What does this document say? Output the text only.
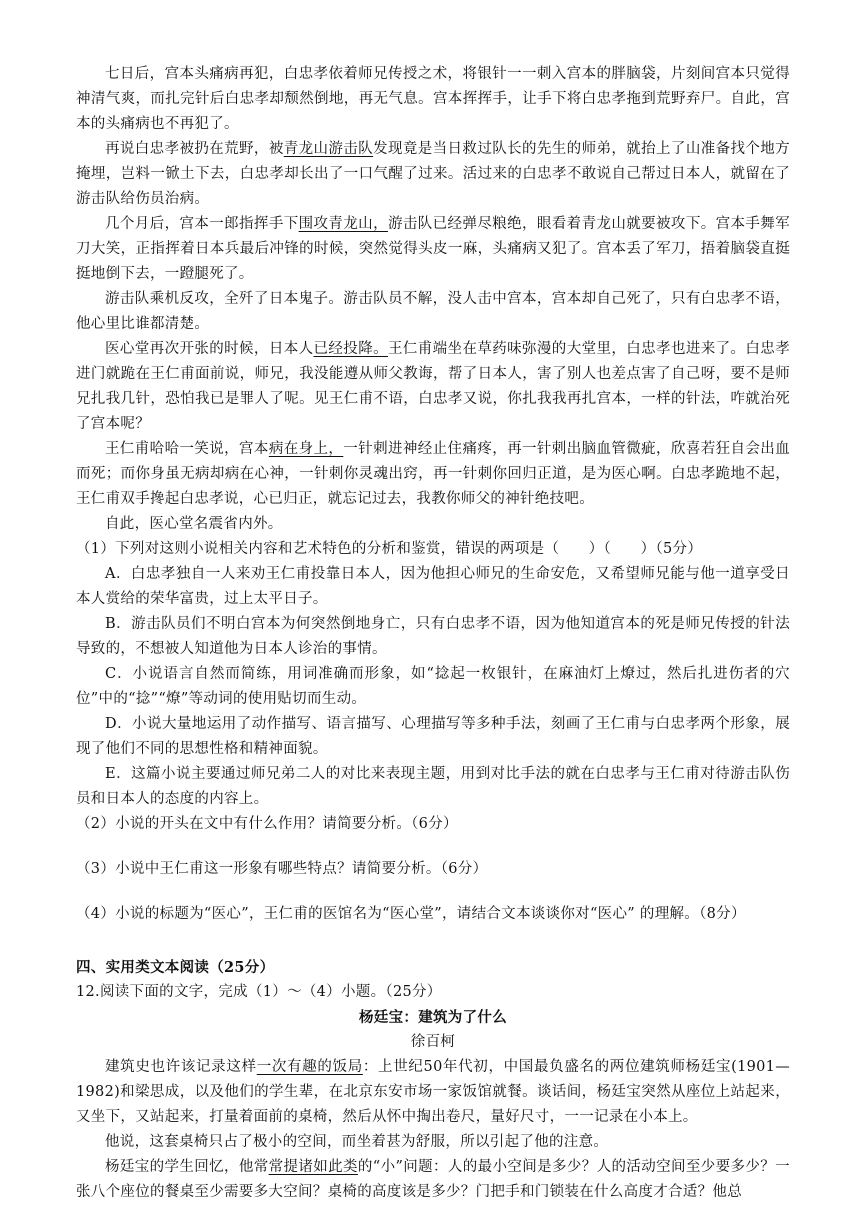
七日后，宫本头痛病再犯，白忠孝依着师兄传授之术，将银针一一刺入宫本的胖脑袋，片刻间宫本只觉得神清气爽，而扎完针后白忠孝却颓然倒地，再无气息。宫本挥挥手，让手下将白忠孝拖到荒野弃尸。自此，宫本的头痛病也不再犯了。

再说白忠孝被扔在荒野，被青龙山游击队发现竟是当日救过队长的先生的师弟，就抬上了山准备找个地方掩埋，岂料一锨土下去，白忠孝却长出了一口气醒了过来。活过来的白忠孝不敢说自己帮过日本人，就留在了游击队给伤员治病。

几个月后，宫本一郎指挥手下围攻青龙山，游击队已经弹尽粮绝，眼看着青龙山就要被攻下。宫本手舞军刀大笑，正指挥着日本兵最后冲锋的时候，突然觉得头皮一麻，头痛病又犯了。宫本丢了军刀，捂着脑袋直挺挺地倒下去，一蹬腿死了。

游击队乘机反攻，全歼了日本鬼子。游击队员不解，没人击中宫本，宫本却自己死了，只有白忠孝不语，他心里比谁都清楚。

医心堂再次开张的时候，日本人已经投降。王仁甫端坐在草药味弥漫的大堂里，白忠孝也进来了。白忠孝进门就跪在王仁甫面前说，师兄，我没能遵从师父教诲，帮了日本人，害了别人也差点害了自己呀，要不是师兄扎我几针，恐怕我已是罪人了呢。见王仁甫不语，白忠孝又说，你扎我我再扎宫本，一样的针法，咋就治死了宫本呢？

王仁甫哈哈一笑说，宫本病在身上，一针刺进神经止住痛疼，再一针刺出脑血管微疵，欣喜若狂自会出血而死；而你身虽无病却病在心神，一针刺你灵魂出窍，再一针刺你回归正道，是为医心啊。白忠孝跪地不起，王仁甫双手搀起白忠孝说，心已归正，就忘记过去，我教你师父的神针绝技吧。

自此，医心堂名震省内外。

（1）下列对这则小说相关内容和艺术特色的分析和鉴赏，错误的两项是（　　）（　　）（5分）

A．白忠孝独自一人来劝王仁甫投靠日本人，因为他担心师兄的生命安危，又希望师兄能与他一道享受日本人赏给的荣华富贵，过上太平日子。

B．游击队员们不明白宫本为何突然倒地身亡，只有白忠孝不语，因为他知道宫本的死是师兄传授的针法导致的，不想被人知道他为日本人诊治的事情。

C．小说语言自然而简练，用词准确而形象，如“捻起一枚银针，在麻油灯上燎过，然后扎进伤者的穴位”中的“捻”“燎”等动词的使用贴切而生动。

D．小说大量地运用了动作描写、语言描写、心理描写等多种手法，刻画了王仁甫与白忠孝两个形象，展现了他们不同的思想性格和精神面貌。

E．这篇小说主要通过师兄弟二人的对比来表现主题，用到对比手法的就在白忠孝与王仁甫对待游击队伤员和日本人的态度的内容上。

（2）小说的开头在文中有什么作用？请简要分析。（6分）

（3）小说中王仁甫这一形象有哪些特点？请简要分析。（6分）

（4）小说的标题为“医心”，王仁甫的医馆名为“医心堂”，请结合文本谈谈你对“医心” 的理解。（8分）

四、实用类文本阅读（25分）

12.阅读下面的文字，完成（1）～（4）小题。（25分）

杨廷宝：建筑为了什么

徐百柯

建筑史也许该记录这样一次有趣的饭局：上世纪50年代初，中国最负盛名的两位建筑师杨廷宝(1901—1982)和梁思成，以及他们的学生辈，在北京东安市场一家饭馆就餐。谈话间，杨廷宝突然从座位上站起来，又坐下，又站起来，打量着面前的桌椅，然后从怀中掏出卷尺，量好尺寸，一一记录在小本上。

他说，这套桌椅只占了极小的空间，而坐着甚为舒服，所以引起了他的注意。

杨廷宝的学生回忆，他常常提诸如此类的“小”问题：人的最小空间是多少？人的活动空间至少要多少？一张八个座位的餐桌至少需要多大空间？桌椅的高度该是多少？门把手和门锁装在什么高度才合适？他总
